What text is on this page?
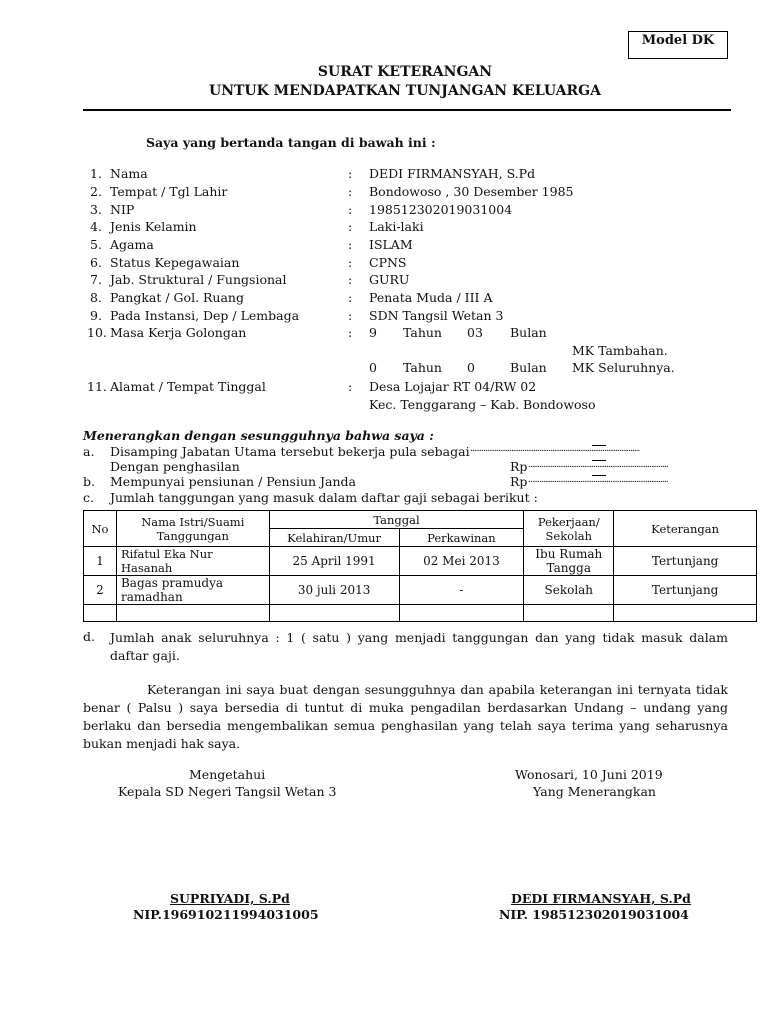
Model DK
SURAT KETERANGAN
UNTUK MENDAPATKAN TUNJANGAN KELUARGA
Saya yang bertanda tangan di bawah ini :
1. Nama	: DEDI FIRMANSYAH, S.Pd
2. Tempat / Tgl Lahir	: Bondowoso , 30 Desember 1985
3. NIP	: 198512302019031004
4. Jenis Kelamin	: Laki-laki
5. Agama	: ISLAM
6. Status Kepegawaian	: CPNS
7. Jab. Struktural / Fungsional	: GURU
8. Pangkat / Gol. Ruang	: Penata Muda / III A
9. Pada Instansi, Dep / Lembaga	: SDN Tangsil Wetan 3
10. Masa Kerja Golongan	: 9 Tahun 03 Bulan
MK Tambahan.
0 Tahun 0	Bulan MK Seluruhnya.
11. Alamat / Tempat Tinggal	: Desa Lojajar RT 04/RW 02
Kec. Tenggarang – Kab. Bondowoso
Menerangkan dengan sesungguhnya bahwa saya :
a. Disamping Jabatan Utama tersebut bekerja pula sebagai ...........................................................................................
Dengan penghasilan	Rp ...........................................................................
b. Mempunyai pensiunan / Pensiun Janda	Rp ...........................................................................
c. Jumlah tanggungan yang masuk dalam daftar gaji sebagai berikut :
No	Nama Istri/Suami Tanggungan	Tanggal		Pekerjaan/ Sekolah	Keterangan
		Kelahiran/Umur	Perkawinan		
1	Rifatul Eka Nur Hasanah	25 April 1991	02 Mei 2013	Ibu Rumah Tangga	Tertunjang
2	Bagas pramudya ramadhan	30 juli 2013	-	Sekolah	Tertunjang

d. Jumlah anak seluruhnya : 1 ( satu ) yang menjadi tanggungan dan yang tidak masuk dalam daftar gaji.
Keterangan ini saya buat dengan sesungguhnya dan apabila keterangan ini ternyata tidak benar ( Palsu ) saya bersedia di tuntut di muka pengadilan berdasarkan Undang – undang yang berlaku dan bersedia mengembalikan semua penghasilan yang telah saya terima yang seharusnya bukan menjadi hak saya.
Mengetahui
Kepala SD Negeri Tangsil Wetan 3
SUPRIYADI, S.Pd
NIP.196910211994031005
Wonosari, 10 Juni 2019
Yang Menerangkan
DEDI FIRMANSYAH, S.Pd
NIP. 198512302019031004
